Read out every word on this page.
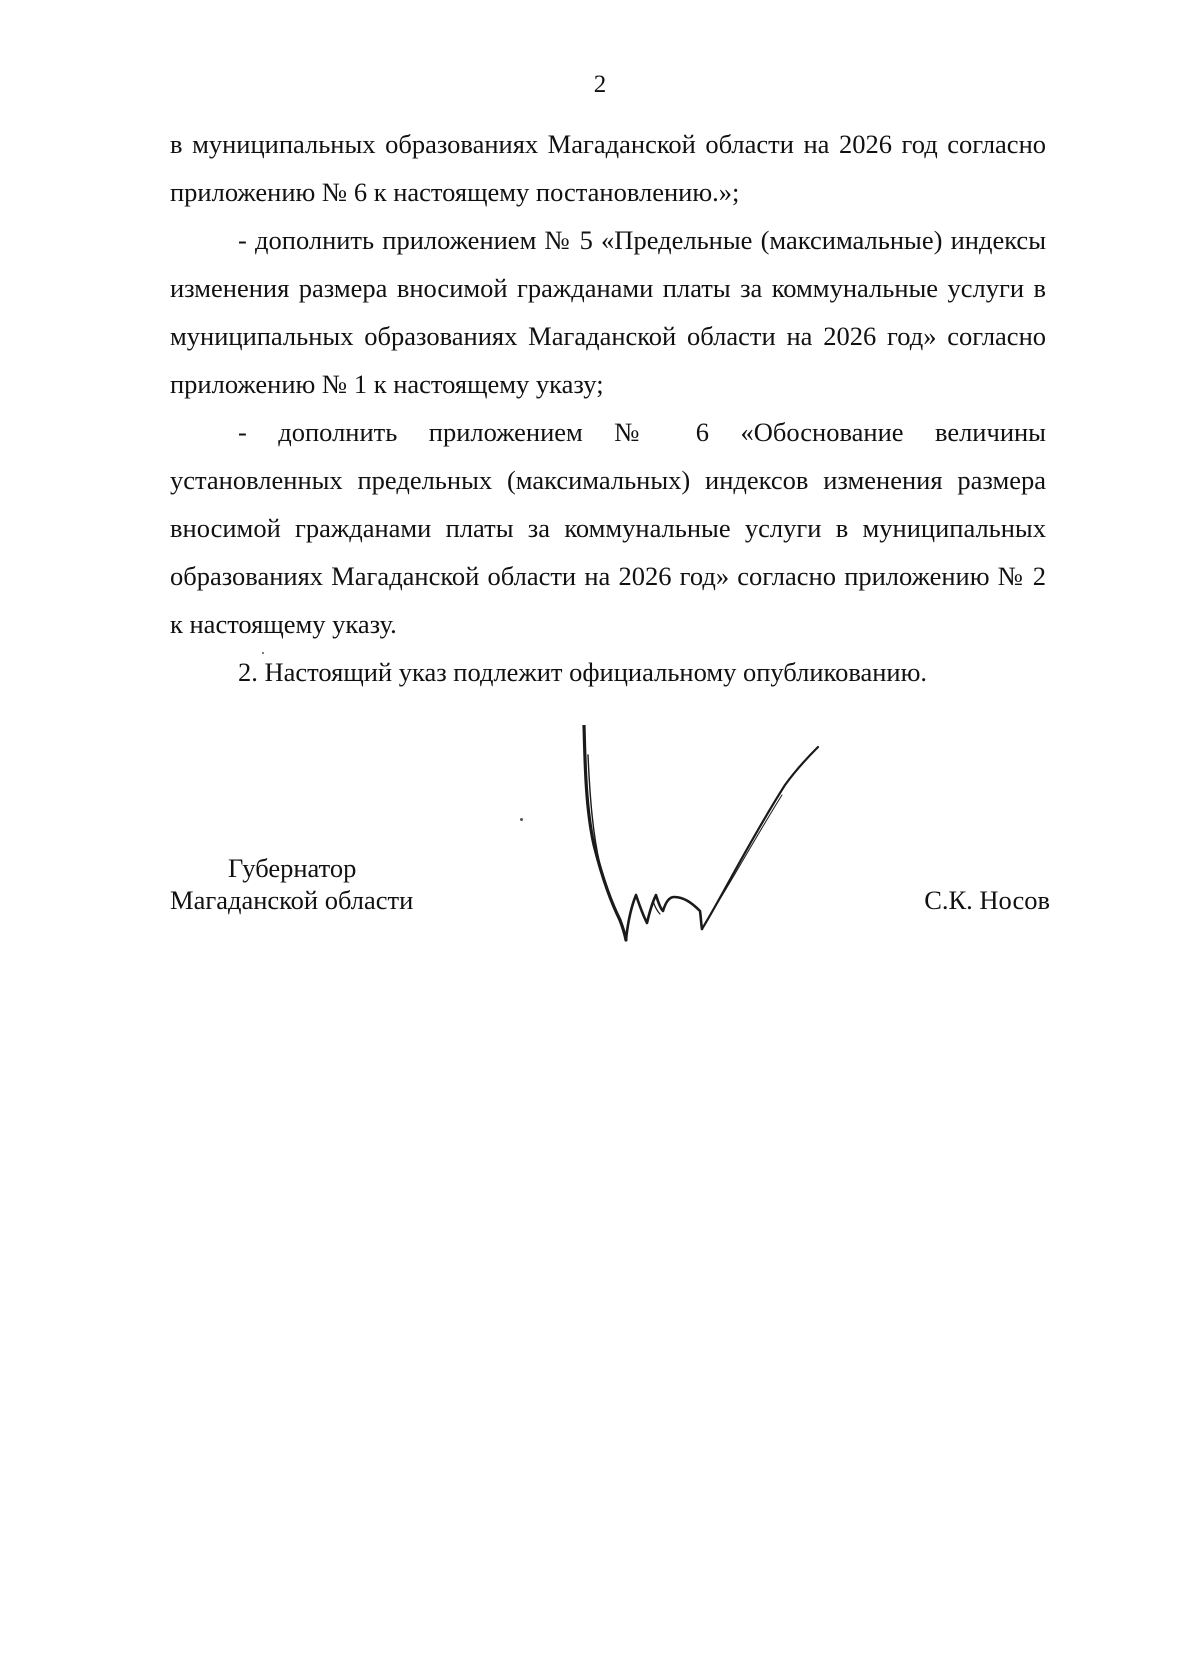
2

в муниципальных образованиях Магаданской области на 2026 год согласно приложению № 6 к настоящему постановлению.»;

- дополнить приложением № 5 «Предельные (максимальные) индексы изменения размера вносимой гражданами платы за коммунальные услуги в муниципальных образованиях Магаданской области на 2026 год» согласно приложению № 1 к настоящему указу;

- дополнить приложением № 6 «Обоснование величины установленных предельных (максимальных) индексов изменения размера вносимой гражданами платы за коммунальные услуги в муниципальных образованиях Магаданской области на 2026 год» согласно приложению № 2 к настоящему указу.

2. Настоящий указ подлежит официальному опубликованию.

Губернатор
Магаданской области	С.К. Носов
